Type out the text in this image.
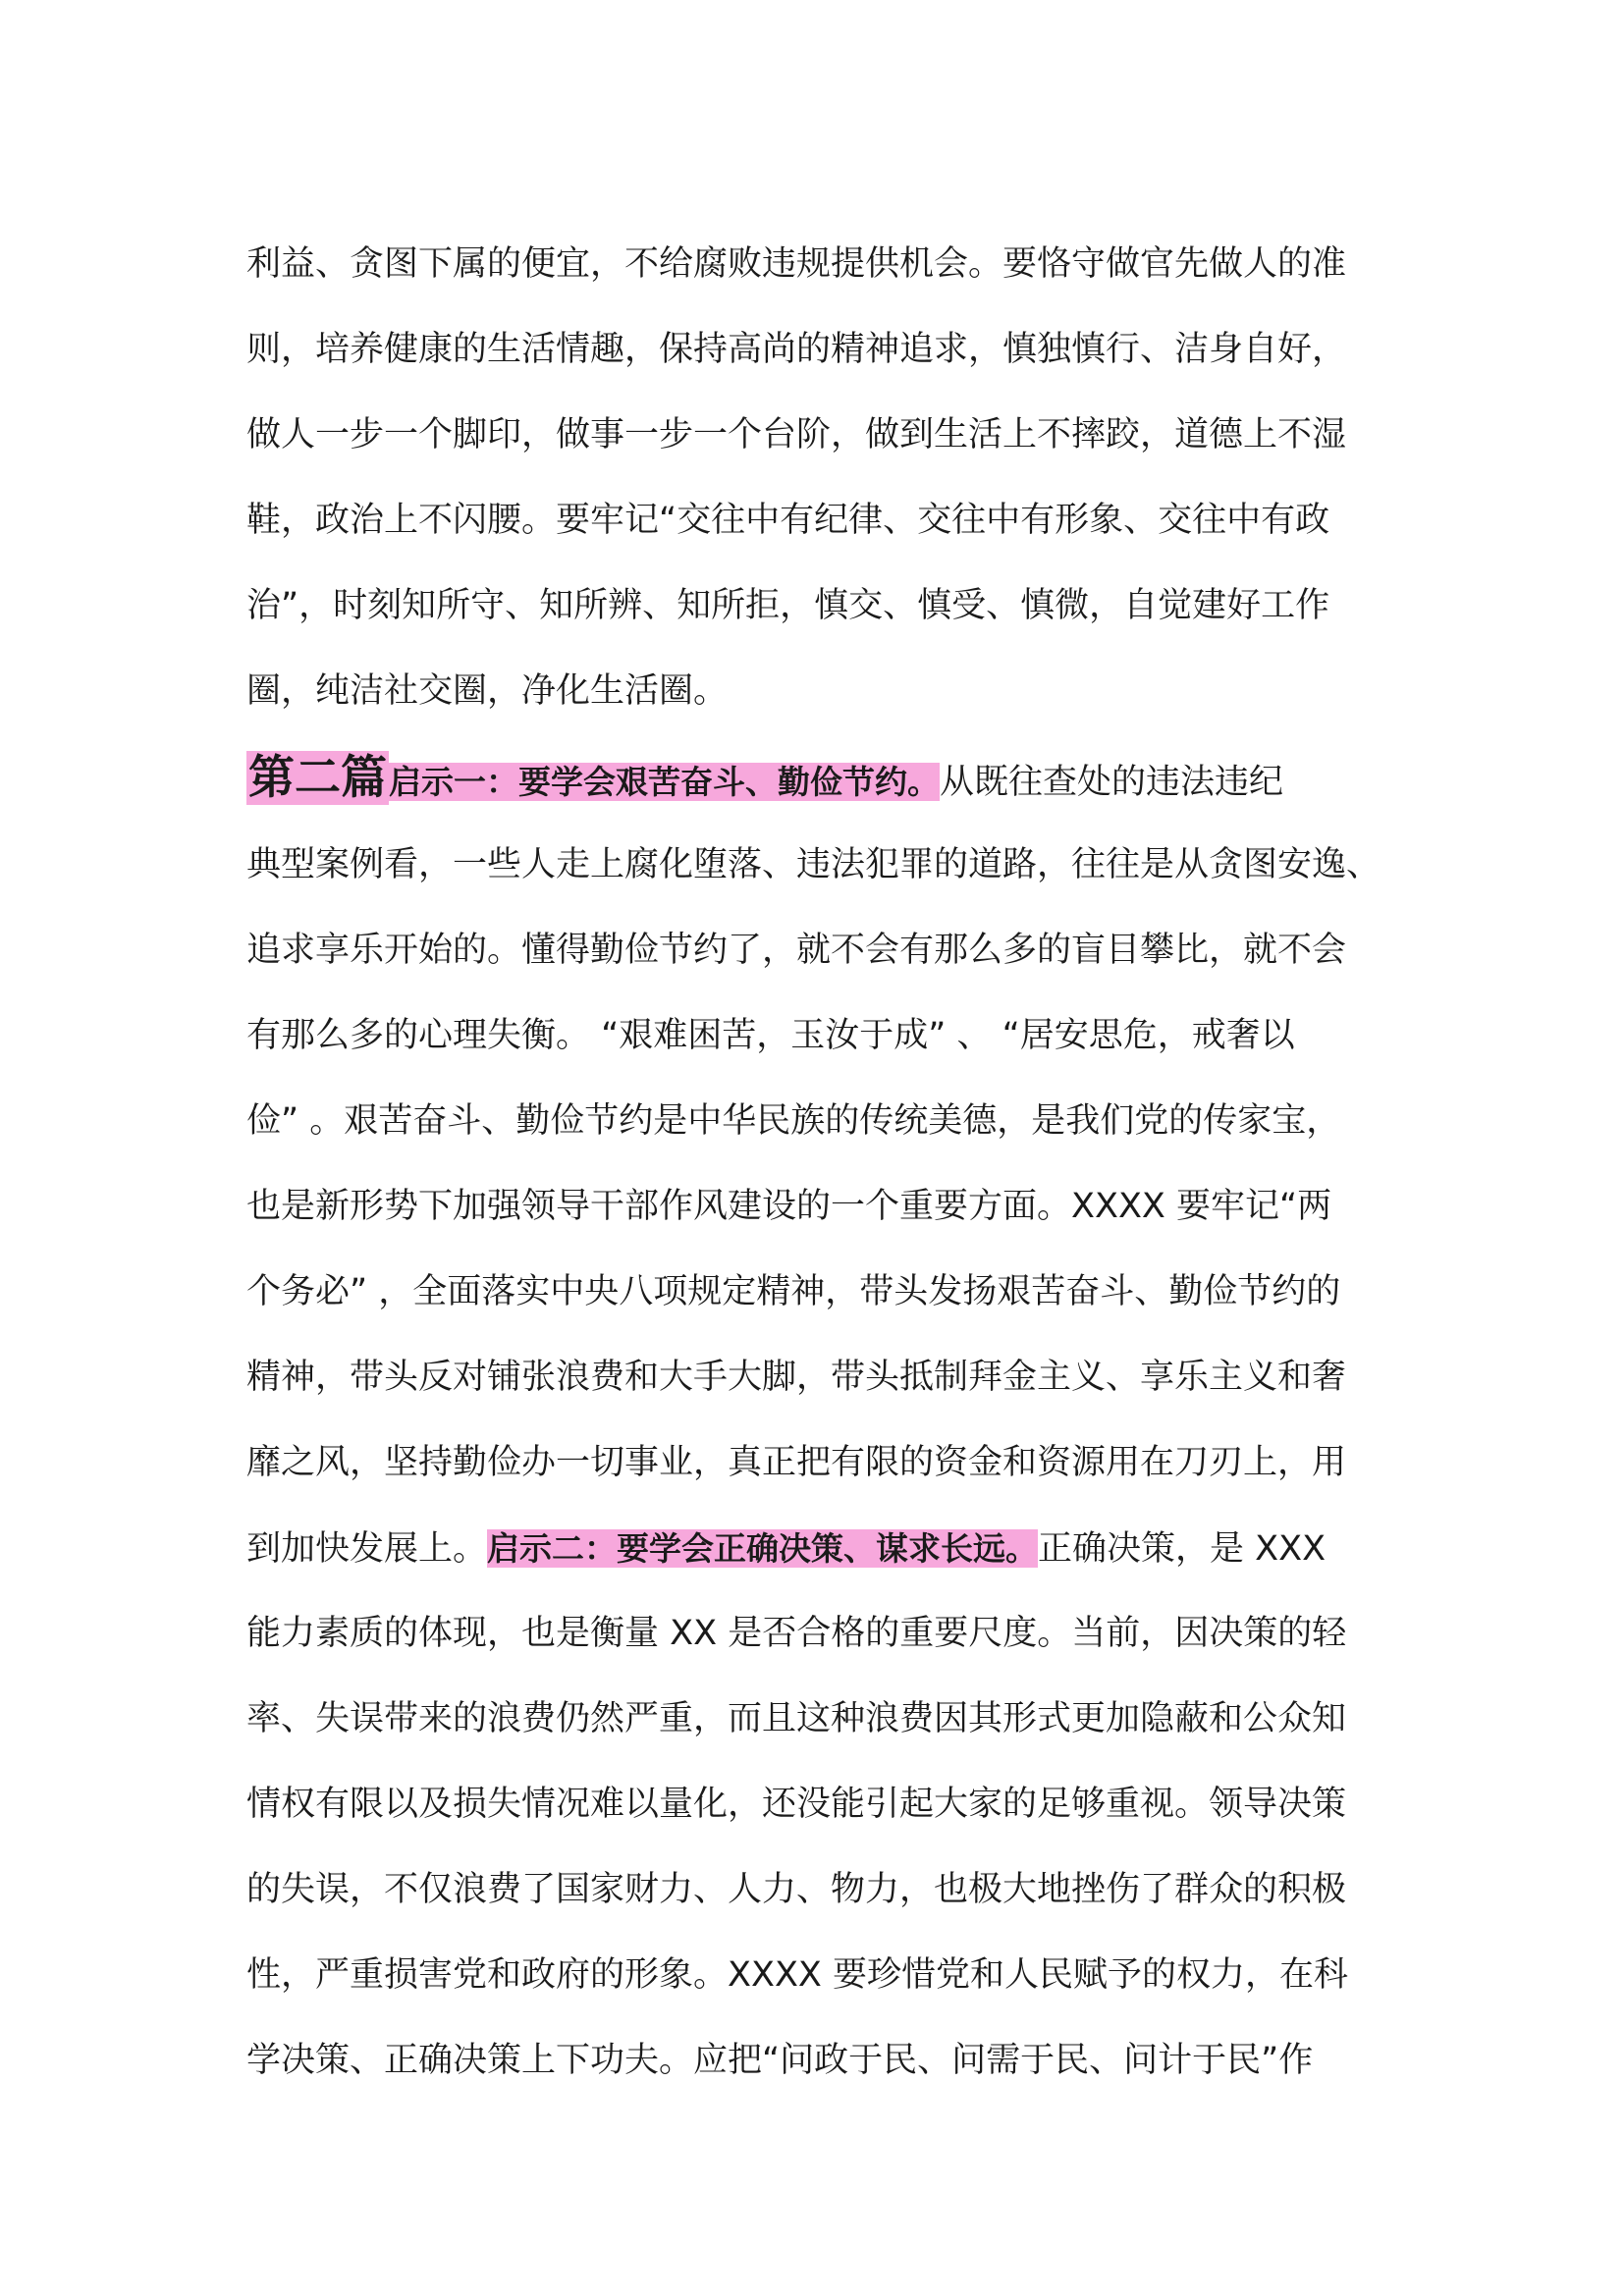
利益、贪图下属的便宜，不给腐败违规提供机会。要恪守做官先做人的准
则，培养健康的生活情趣，保持高尚的精神追求，慎独慎行、洁身自好，
做人一步一个脚印，做事一步一个台阶，做到生活上不摔跤，道德上不湿
鞋，政治上不闪腰。要牢记“交往中有纪律、交往中有形象、交往中有政
治”，时刻知所守、知所辨、知所拒，慎交、慎受、慎微，自觉建好工作
圈，纯洁社交圈，净化生活圈。
第二篇启示一：要学会艰苦奋斗、勤俭节约。从既往查处的违法违纪
典型案例看，一些人走上腐化堕落、违法犯罪的道路，往往是从贪图安逸、
追求享乐开始的。懂得勤俭节约了，就不会有那么多的盲目攀比，就不会
有那么多的心理失衡。 “艰难困苦，玉汝于成” 、 “居安思危，戒奢以
俭” 。艰苦奋斗、勤俭节约是中华民族的传统美德，是我们党的传家宝，
也是新形势下加强领导干部作风建设的一个重要方面。XXXX 要牢记“两
个务必” ，全面落实中央八项规定精神，带头发扬艰苦奋斗、勤俭节约的
精神，带头反对铺张浪费和大手大脚，带头抵制拜金主义、享乐主义和奢
靡之风，坚持勤俭办一切事业，真正把有限的资金和资源用在刀刃上，用
到加快发展上。启示二：要学会正确决策、谋求长远。正确决策，是 XXX
能力素质的体现，也是衡量 XX 是否合格的重要尺度。当前，因决策的轻
率、失误带来的浪费仍然严重，而且这种浪费因其形式更加隐蔽和公众知
情权有限以及损失情况难以量化，还没能引起大家的足够重视。领导决策
的失误，不仅浪费了国家财力、人力、物力，也极大地挫伤了群众的积极
性，严重损害党和政府的形象。XXXX 要珍惜党和人民赋予的权力，在科
学决策、正确决策上下功夫。应把“问政于民、问需于民、问计于民”作
